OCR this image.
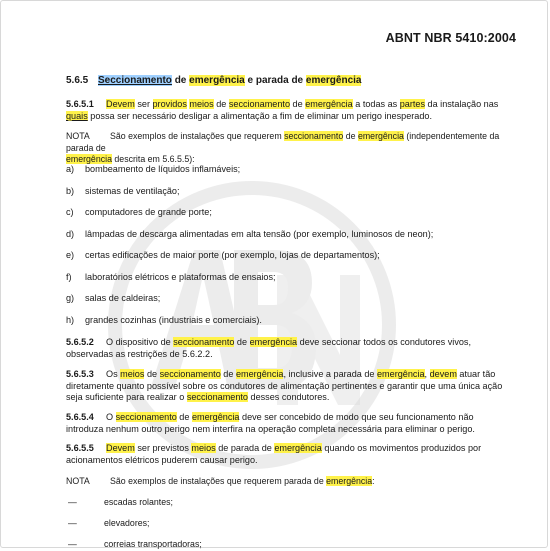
ABNT NBR 5410:2004
5.6.5 Seccionamento de emergência e parada de emergência
5.6.5.1 Devem ser providos meios de seccionamento de emergência a todas as partes da instalação nas
quais possa ser necessário desligar a alimentação a fim de eliminar um perigo inesperado.
NOTA São exemplos de instalações que requerem seccionamento de emergência (independentemente da parada de
emergência descrita em 5.6.5.5):
a) bombeamento de líquidos inflamáveis;
b) sistemas de ventilação;
c) computadores de grande porte;
d) lâmpadas de descarga alimentadas em alta tensão (por exemplo, luminosos de neon);
e) certas edificações de maior porte (por exemplo, lojas de departamentos);
f) laboratórios elétricos e plataformas de ensaios;
g) salas de caldeiras;
h) grandes cozinhas (industriais e comerciais).
5.6.5.2 O dispositivo de seccionamento de emergência deve seccionar todos os condutores vivos,
observadas as restrições de 5.6.2.2.
5.6.5.3 Os meios de seccionamento de emergência, inclusive a parada de emergência, devem atuar tão
diretamente quanto possível sobre os condutores de alimentação pertinentes e garantir que uma única ação
seja suficiente para realizar o seccionamento desses condutores.
5.6.5.4 O seccionamento de emergência deve ser concebido de modo que seu funcionamento não
introduza nenhum outro perigo nem interfira na operação completa necessária para eliminar o perigo.
5.6.5.5 Devem ser previstos meios de parada de emergência quando os movimentos produzidos por
acionamentos elétricos puderem causar perigo.
NOTA São exemplos de instalações que requerem parada de emergência:
—	escadas rolantes;
—	elevadores;
—	correias transportadoras;
